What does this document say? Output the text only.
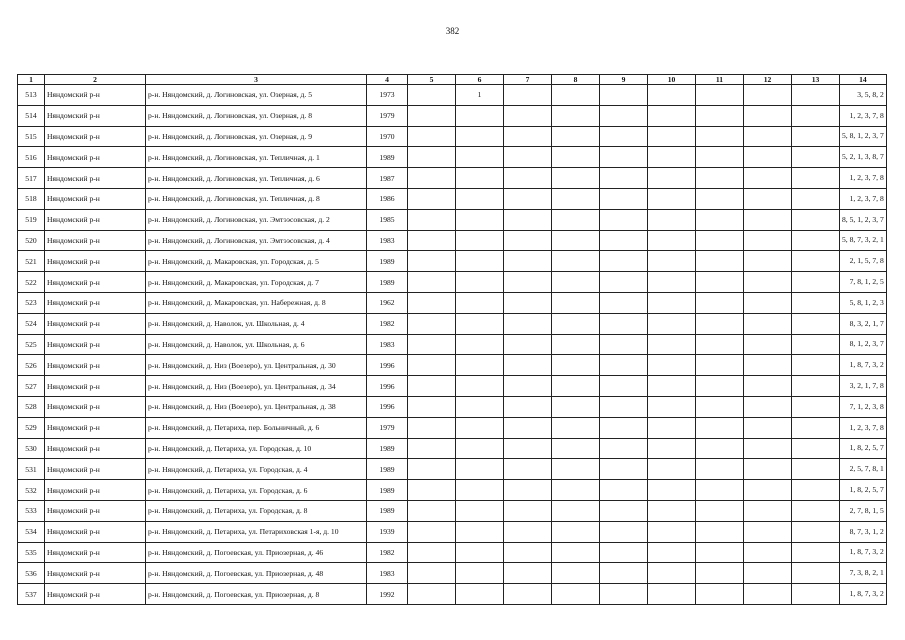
382
1	2	3	4	5	6	7	8	9	10	11	12	13	14
513	Няндомский р-н	р-н. Няндомский, д. Логиновская, ул. Озерная, д. 5	1973		1								3, 5, 8, 2
514	Няндомский р-н	р-н. Няндомский, д. Логиновская, ул. Озерная, д. 8	1979										1, 2, 3, 7, 8
515	Няндомский р-н	р-н. Няндомский, д. Логиновская, ул. Озерная, д. 9	1970										5, 8, 1, 2, 3, 7
516	Няндомский р-н	р-н. Няндомский, д. Логиновская, ул. Тепличная, д. 1	1989										5, 2, 1, 3, 8, 7
517	Няндомский р-н	р-н. Няндомский, д. Логиновская, ул. Тепличная, д. 6	1987										1, 2, 3, 7, 8
518	Няндомский р-н	р-н. Няндомский, д. Логиновская, ул. Тепличная, д. 8	1986										1, 2, 3, 7, 8
519	Няндомский р-н	р-н. Няндомский, д. Логиновская, ул. Эмтээсовская, д. 2	1985										8, 5, 1, 2, 3, 7
520	Няндомский р-н	р-н. Няндомский, д. Логиновская, ул. Эмтээсовская, д. 4	1983										5, 8, 7, 3, 2, 1
521	Няндомский р-н	р-н. Няндомский, д. Макаровская, ул. Городская, д. 5	1989										2, 1, 5, 7, 8
522	Няндомский р-н	р-н. Няндомский, д. Макаровская, ул. Городская, д. 7	1989										7, 8, 1, 2, 5
523	Няндомский р-н	р-н. Няндомский, д. Макаровская, ул. Набережная, д. 8	1962										5, 8, 1, 2, 3
524	Няндомский р-н	р-н. Няндомский, д. Наволок, ул. Школьная, д. 4	1982										8, 3, 2, 1, 7
525	Няндомский р-н	р-н. Няндомский, д. Наволок, ул. Школьная, д. 6	1983										8, 1, 2, 3, 7
526	Няндомский р-н	р-н. Няндомский, д. Низ (Воезеро), ул. Центральная, д. 30	1996										1, 8, 7, 3, 2
527	Няндомский р-н	р-н. Няндомский, д. Низ (Воезеро), ул. Центральная, д. 34	1996										3, 2, 1, 7, 8
528	Няндомский р-н	р-н. Няндомский, д. Низ (Воезеро), ул. Центральная, д. 38	1996										7, 1, 2, 3, 8
529	Няндомский р-н	р-н. Няндомский, д. Петариха, пер. Больничный, д. 6	1979										1, 2, 3, 7, 8
530	Няндомский р-н	р-н. Няндомский, д. Петариха, ул. Городская, д. 10	1989										1, 8, 2, 5, 7
531	Няндомский р-н	р-н. Няндомский, д. Петариха, ул. Городская, д. 4	1989										2, 5, 7, 8, 1
532	Няндомский р-н	р-н. Няндомский, д. Петариха, ул. Городская, д. 6	1989										1, 8, 2, 5, 7
533	Няндомский р-н	р-н. Няндомский, д. Петариха, ул. Городская, д. 8	1989										2, 7, 8, 1, 5
534	Няндомский р-н	р-н. Няндомский, д. Петариха, ул. Петариховская 1-я, д. 10	1939										8, 7, 3, 1, 2
535	Няндомский р-н	р-н. Няндомский, д. Погоевская, ул. Приозерная, д. 46	1982										1, 8, 7, 3, 2
536	Няндомский р-н	р-н. Няндомский, д. Погоевская, ул. Приозерная, д. 48	1983										7, 3, 8, 2, 1
537	Няндомский р-н	р-н. Няндомский, д. Погоевская, ул. Приозерная, д. 8	1992										1, 8, 7, 3, 2
